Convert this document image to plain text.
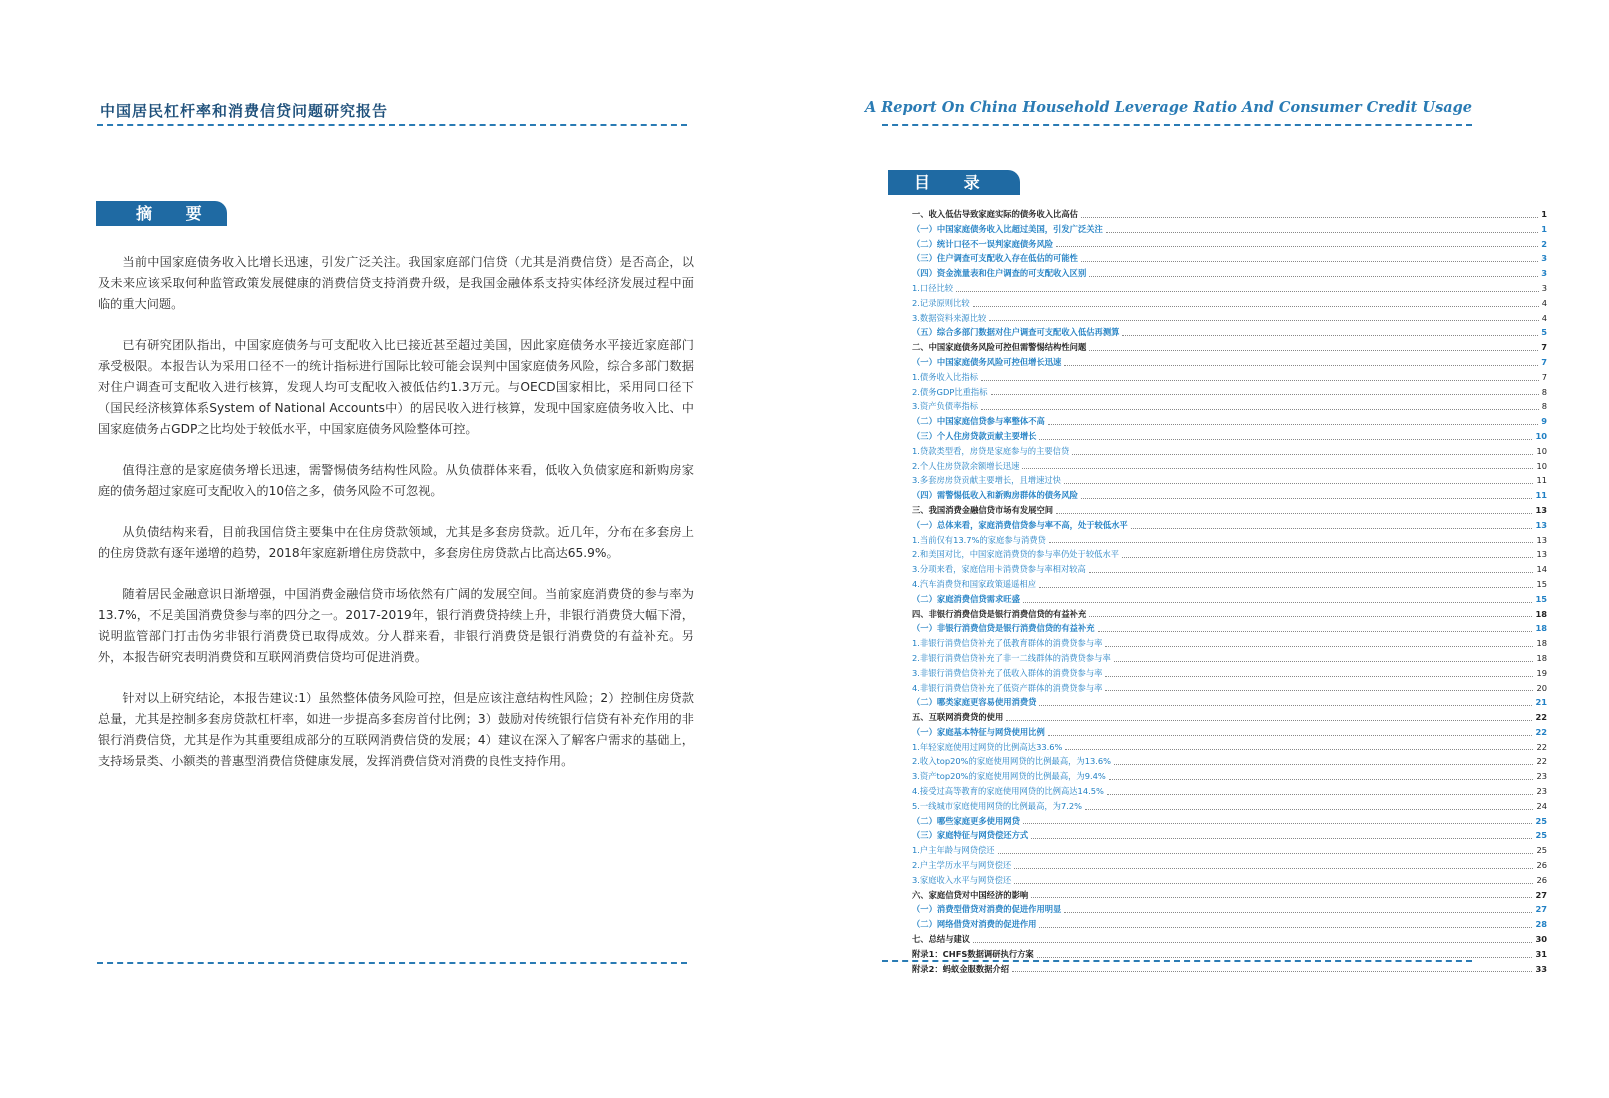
中国居民杠杆率和消费信贷问题研究报告
摘 要

当前中国家庭债务收入比增长迅速，引发广泛关注。我国家庭部门信贷（尤其是消费信贷）是否高企，以及未来应该采取何种监管政策发展健康的消费信贷支持消费升级，是我国金融体系支持实体经济发展过程中面临的重大问题。

已有研究团队指出，中国家庭债务与可支配收入比已接近甚至超过美国，因此家庭债务水平接近家庭部门承受极限。本报告认为采用口径不一的统计指标进行国际比较可能会误判中国家庭债务风险，综合多部门数据对住户调查可支配收入进行核算，发现人均可支配收入被低估约1.3万元。与OECD国家相比，采用同口径下（国民经济核算体系System of National Accounts中）的居民收入进行核算，发现中国家庭债务收入比、中国家庭债务占GDP之比均处于较低水平，中国家庭债务风险整体可控。

值得注意的是家庭债务增长迅速，需警惕债务结构性风险。从负债群体来看，低收入负债家庭和新购房家庭的债务超过家庭可支配收入的10倍之多，债务风险不可忽视。

从负债结构来看，目前我国信贷主要集中在住房贷款领域，尤其是多套房贷款。近几年，分布在多套房上的住房贷款有逐年递增的趋势，2018年家庭新增住房贷款中，多套房住房贷款占比高达65.9%。

随着居民金融意识日渐增强，中国消费金融信贷市场依然有广阔的发展空间。当前家庭消费贷的参与率为13.7%，不足美国消费贷参与率的四分之一。2017-2019年，银行消费贷持续上升，非银行消费贷大幅下滑，说明监管部门打击伪劣非银行消费贷已取得成效。分人群来看，非银行消费贷是银行消费贷的有益补充。另外，本报告研究表明消费贷和互联网消费信贷均可促进消费。

针对以上研究结论，本报告建议:1）虽然整体债务风险可控，但是应该注意结构性风险；2）控制住房贷款总量，尤其是控制多套房贷款杠杆率，如进一步提高多套房首付比例；3）鼓励对传统银行信贷有补充作用的非银行消费信贷，尤其是作为其重要组成部分的互联网消费信贷的发展；4）建议在深入了解客户需求的基础上，支持场景类、小额类的普惠型消费信贷健康发展，发挥消费信贷对消费的良性支持作用。

A Report On China Household Leverage Ratio And Consumer Credit Usage
目 录
一、收入低估导致家庭实际的债务收入比高估	1
（一）中国家庭债务收入比超过美国，引发广泛关注	1
（二）统计口径不一误判家庭债务风险	2
（三）住户调查可支配收入存在低估的可能性	3
（四）资金流量表和住户调查的可支配收入区别	3
1.口径比较	3
2.记录原则比较	4
3.数据资料来源比较	4
（五）综合多部门数据对住户调查可支配收入低估再测算	5
二、中国家庭债务风险可控但需警惕结构性问题	7
（一）中国家庭债务风险可控但增长迅速	7
1.债务收入比指标	7
2.债务GDP比重指标	8
3.资产负债率指标	8
（二）中国家庭信贷参与率整体不高	9
（三）个人住房贷款贡献主要增长	10
1.贷款类型看，房贷是家庭参与的主要信贷	10
2.个人住房贷款余额增长迅速	10
3.多套房房贷贡献主要增长，且增速过快	11
（四）需警惕低收入和新购房群体的债务风险	11
三、我国消费金融信贷市场有发展空间	13
（一）总体来看，家庭消费信贷参与率不高，处于较低水平	13
1.当前仅有13.7%的家庭参与消费贷	13
2.和美国对比，中国家庭消费贷的参与率仍处于较低水平	13
3.分项来看，家庭信用卡消费贷参与率相对较高	14
4.汽车消费贷和国家政策遥遥相应	15
（二）家庭消费信贷需求旺盛	15
四、非银行消费信贷是银行消费信贷的有益补充	18
（一）非银行消费信贷是银行消费信贷的有益补充	18
1.非银行消费信贷补充了低教育群体的消费贷参与率	18
2.非银行消费信贷补充了非一二线群体的消费贷参与率	18
3.非银行消费信贷补充了低收入群体的消费贷参与率	19
4.非银行消费信贷补充了低资产群体的消费贷参与率	20
（二）哪类家庭更容易使用消费贷	21
五、互联网消费贷的使用	22
（一）家庭基本特征与网贷使用比例	22
1.年轻家庭使用过网贷的比例高达33.6%	22
2.收入top20%的家庭使用网贷的比例最高，为13.6%	22
3.资产top20%的家庭使用网贷的比例最高，为9.4%	23
4.接受过高等教育的家庭使用网贷的比例高达14.5%	23
5.一线城市家庭使用网贷的比例最高，为7.2%	24
（二）哪些家庭更多使用网贷	25
（三）家庭特征与网贷偿还方式	25
1.户主年龄与网贷偿还	25
2.户主学历水平与网贷偿还	26
3.家庭收入水平与网贷偿还	26
六、家庭信贷对中国经济的影响	27
（一）消费型借贷对消费的促进作用明显	27
（二）网络借贷对消费的促进作用	28
七、总结与建议	30
附录1：CHFS数据调研执行方案	31
附录2：蚂蚁金服数据介绍	33
